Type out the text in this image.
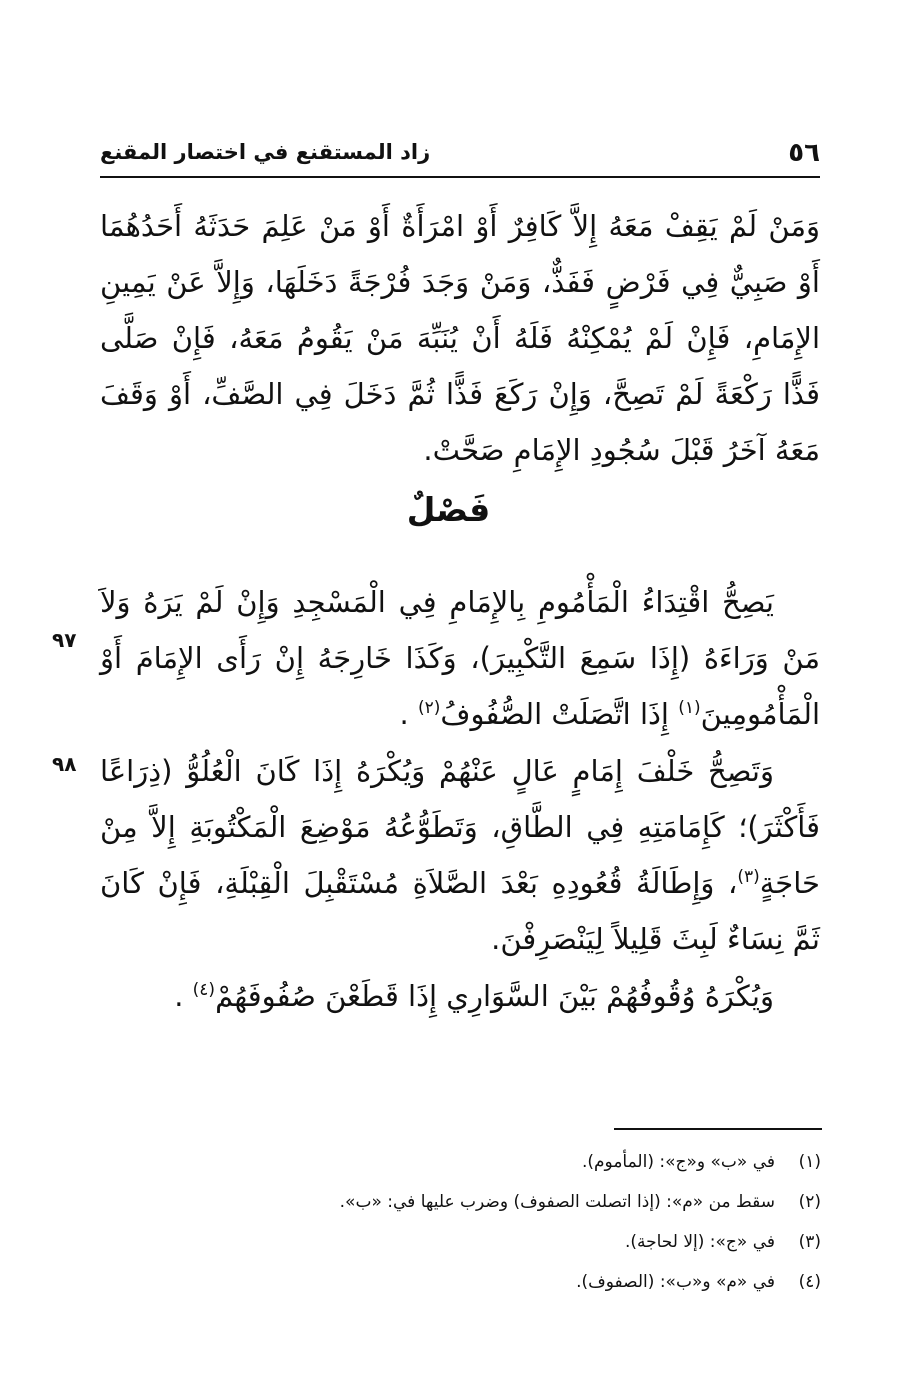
٥٦
زاد المستقنع في اختصار المقنع
وَمَنْ لَمْ يَقِفْ مَعَهُ إِلاَّ كَافِرٌ أَوْ امْرَأَةٌ أَوْ مَنْ عَلِمَ حَدَثَهُ أَحَدُهُمَا أَوْ صَبِيٌّ فِي فَرْضٍ فَفَذٌّ، وَمَنْ وَجَدَ فُرْجَةً دَخَلَهَا، وَإِلاَّ عَنْ يَمِينِ الإِمَامِ، فَإِنْ لَمْ يُمْكِنْهُ فَلَهُ أَنْ يُنَبِّهَ مَنْ يَقُومُ مَعَهُ، فَإِنْ صَلَّى فَذًّا رَكْعَةً لَمْ تَصِحَّ، وَإِنْ رَكَعَ فَذًّا ثُمَّ دَخَلَ فِي الصَّفِّ، أَوْ وَقَفَ مَعَهُ آخَرُ قَبْلَ سُجُودِ الإِمَامِ صَحَّتْ.
فَصْلٌ
يَصِحُّ اقْتِدَاءُ الْمَأْمُومِ بِالإِمَامِ فِي الْمَسْجِدِ وَإِنْ لَمْ يَرَهُ وَلاَ مَنْ وَرَاءَهُ (إِذَا سَمِعَ التَّكْبِيرَ)، وَكَذَا خَارِجَهُ إِنْ رَأَى الإِمَامَ أَوْ الْمَأْمُومِينَ$^{(١)}$ إِذَا اتَّصَلَتْ الصُّفُوفُ$^{(٢)}$ .
٩٧
وَتَصِحُّ خَلْفَ إِمَامٍ عَالٍ عَنْهُمْ وَيُكْرَهُ إِذَا كَانَ الْعُلُوُّ (ذِرَاعًا فَأَكْثَرَ)؛ كَإِمَامَتِهِ فِي الطَّاقِ، وَتَطَوُّعُهُ مَوْضِعَ الْمَكْتُوبَةِ إِلاَّ مِنْ حَاجَةٍ$^{(٣)}$، وَإِطَالَةُ قُعُودِهِ بَعْدَ الصَّلاَةِ مُسْتَقْبِلَ الْقِبْلَةِ، فَإِنْ كَانَ ثَمَّ نِسَاءٌ لَبِثَ قَلِيلاً لِيَنْصَرِفْنَ.
٩٨
وَيُكْرَهُ وُقُوفُهُمْ بَيْنَ السَّوَارِي إِذَا قَطَعْنَ صُفُوفَهُمْ$^{(٤)}$ .
(١)في «ب» و«ج»: (المأموم).
(٢)سقط من «م»: (إذا اتصلت الصفوف) وضرب عليها في: «ب».
(٣)في «ج»: (إلا لحاجة).
(٤)في «م» و«ب»: (الصفوف).
